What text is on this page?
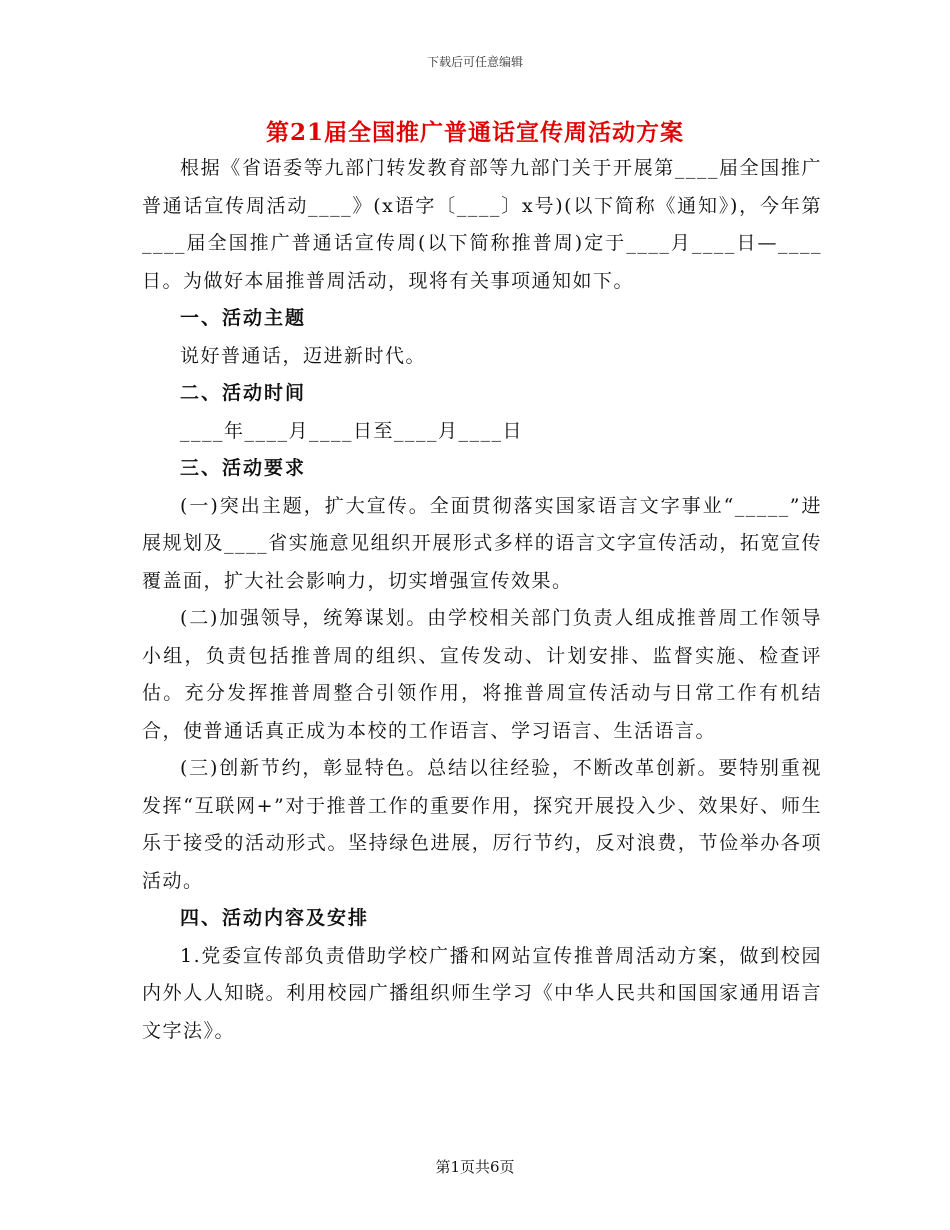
下载后可任意编辑
第21届全国推广普通话宣传周活动方案

根据《省语委等九部门转发教育部等九部门关于开展第____届全国推广普通话宣传周活动____》(x语字〔____〕x号)(以下简称《通知》)，今年第____届全国推广普通话宣传周(以下简称推普周)定于____月____日—____日。为做好本届推普周活动，现将有关事项通知如下。

一、活动主题

说好普通话，迈进新时代。

二、活动时间

____年____月____日至____月____日

三、活动要求

(一)突出主题，扩大宣传。全面贯彻落实国家语言文字事业“_____”进展规划及____省实施意见组织开展形式多样的语言文字宣传活动，拓宽宣传覆盖面，扩大社会影响力，切实增强宣传效果。

(二)加强领导，统筹谋划。由学校相关部门负责人组成推普周工作领导小组，负责包括推普周的组织、宣传发动、计划安排、监督实施、检查评估。充分发挥推普周整合引领作用，将推普周宣传活动与日常工作有机结合，使普通话真正成为本校的工作语言、学习语言、生活语言。

(三)创新节约，彰显特色。总结以往经验，不断改革创新。要特别重视发挥“互联网+”对于推普工作的重要作用，探究开展投入少、效果好、师生乐于接受的活动形式。坚持绿色进展，厉行节约，反对浪费，节俭举办各项活动。

四、活动内容及安排

1.党委宣传部负责借助学校广播和网站宣传推普周活动方案，做到校园内外人人知晓。利用校园广播组织师生学习《中华人民共和国国家通用语言文字法》。

第1页共6页
